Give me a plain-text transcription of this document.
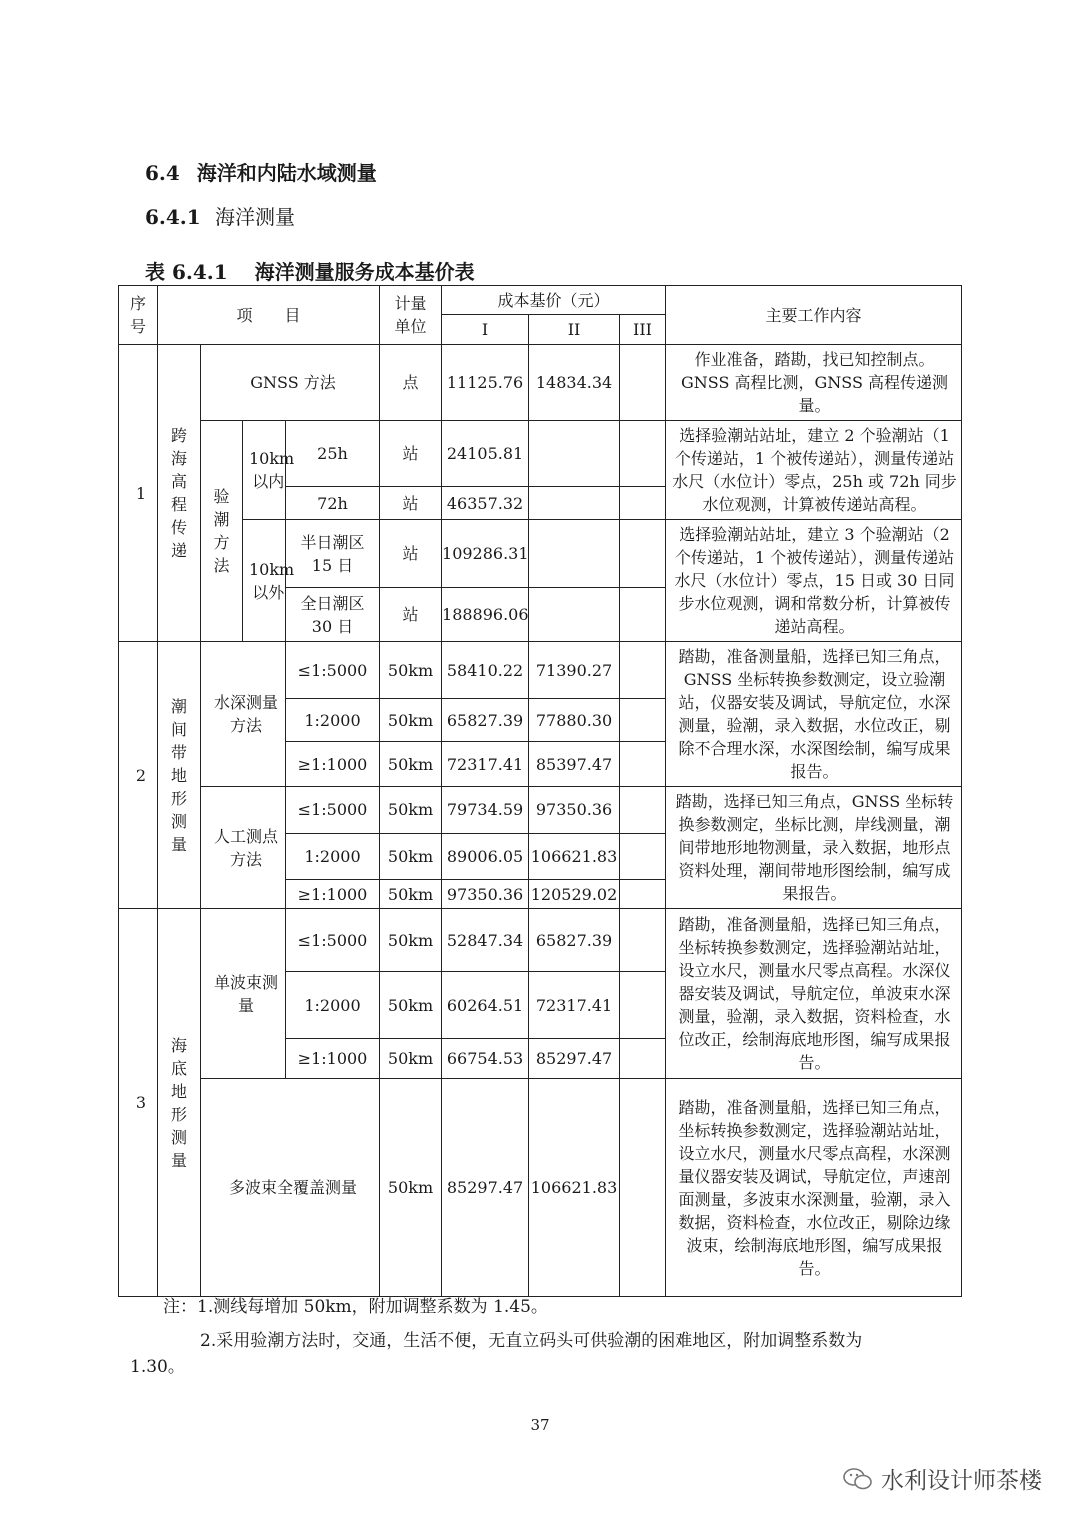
6.4 海洋和内陆水域测量
6.4.1 海洋测量
表 6.4.1 海洋测量服务成本基价表
序号	项　　目				计量单位	成本基价（元）			主要工作内容
						I	II	III	
1	跨海高程传递	GNSS 方法			点	11125.76	14834.34		作业准备，踏勘，找已知控制点。GNSS 高程比测，GNSS 高程传递测量。
		验潮方法	10km 以内	25h	站	24105.81			选择验潮站站址，建立 2 个验潮站（1 个传递站，1 个被传递站），测量传递站水尺（水位计）零点，25h 或 72h 同步水位观测，计算被传递站高程。
				72h	站	46357.32			
			10km 以外	半日潮区 15 日	站	109286.31			选择验潮站站址，建立 3 个验潮站（2 个传递站，1 个被传递站），测量传递站水尺（水位计）零点，15 日或 30 日同步水位观测，调和常数分析，计算被传递站高程。
				全日潮区 30 日	站	188896.06			
2	潮间带地形测量	水深测量方法		≤1:5000	50km	58410.22	71390.27		踏勘，准备测量船，选择已知三角点，GNSS 坐标转换参数测定，设立验潮站，仪器安装及调试，导航定位，水深测量，验潮，录入数据，水位改正，剔除不合理水深，水深图绘制，编写成果报告。
				1:2000	50km	65827.39	77880.30		
				≥1:1000	50km	72317.41	85397.47		
		人工测点方法		≤1:5000	50km	79734.59	97350.36		踏勘，选择已知三角点，GNSS 坐标转换参数测定，坐标比测，岸线测量，潮间带地形地物测量，录入数据，地形点资料处理，潮间带地形图绘制，编写成果报告。
				1:2000	50km	89006.05	106621.83		
				≥1:1000	50km	97350.36	120529.02		
3	海底地形测量	单波束测量		≤1:5000	50km	52847.34	65827.39		踏勘，准备测量船，选择已知三角点，坐标转换参数测定，选择验潮站站址，设立水尺，测量水尺零点高程。水深仪器安装及调试，导航定位，单波束水深测量，验潮，录入数据，资料检查，水位改正，绘制海底地形图，编写成果报告。
				1:2000	50km	60264.51	72317.41		
				≥1:1000	50km	66754.53	85297.47		
		多波束全覆盖测量			50km	85297.47	106621.83		踏勘，准备测量船，选择已知三角点，坐标转换参数测定，选择验潮站站址，设立水尺，测量水尺零点高程，水深测量仪器安装及调试，导航定位，声速剖面测量，多波束水深测量，验潮，录入数据，资料检查，水位改正，剔除边缘波束，绘制海底地形图，编写成果报告。
注：1.测线每增加 50km，附加调整系数为 1.45。
2.采用验潮方法时，交通，生活不便，无直立码头可供验潮的困难地区，附加调整系数为
1.30。
37
水利设计师茶楼
